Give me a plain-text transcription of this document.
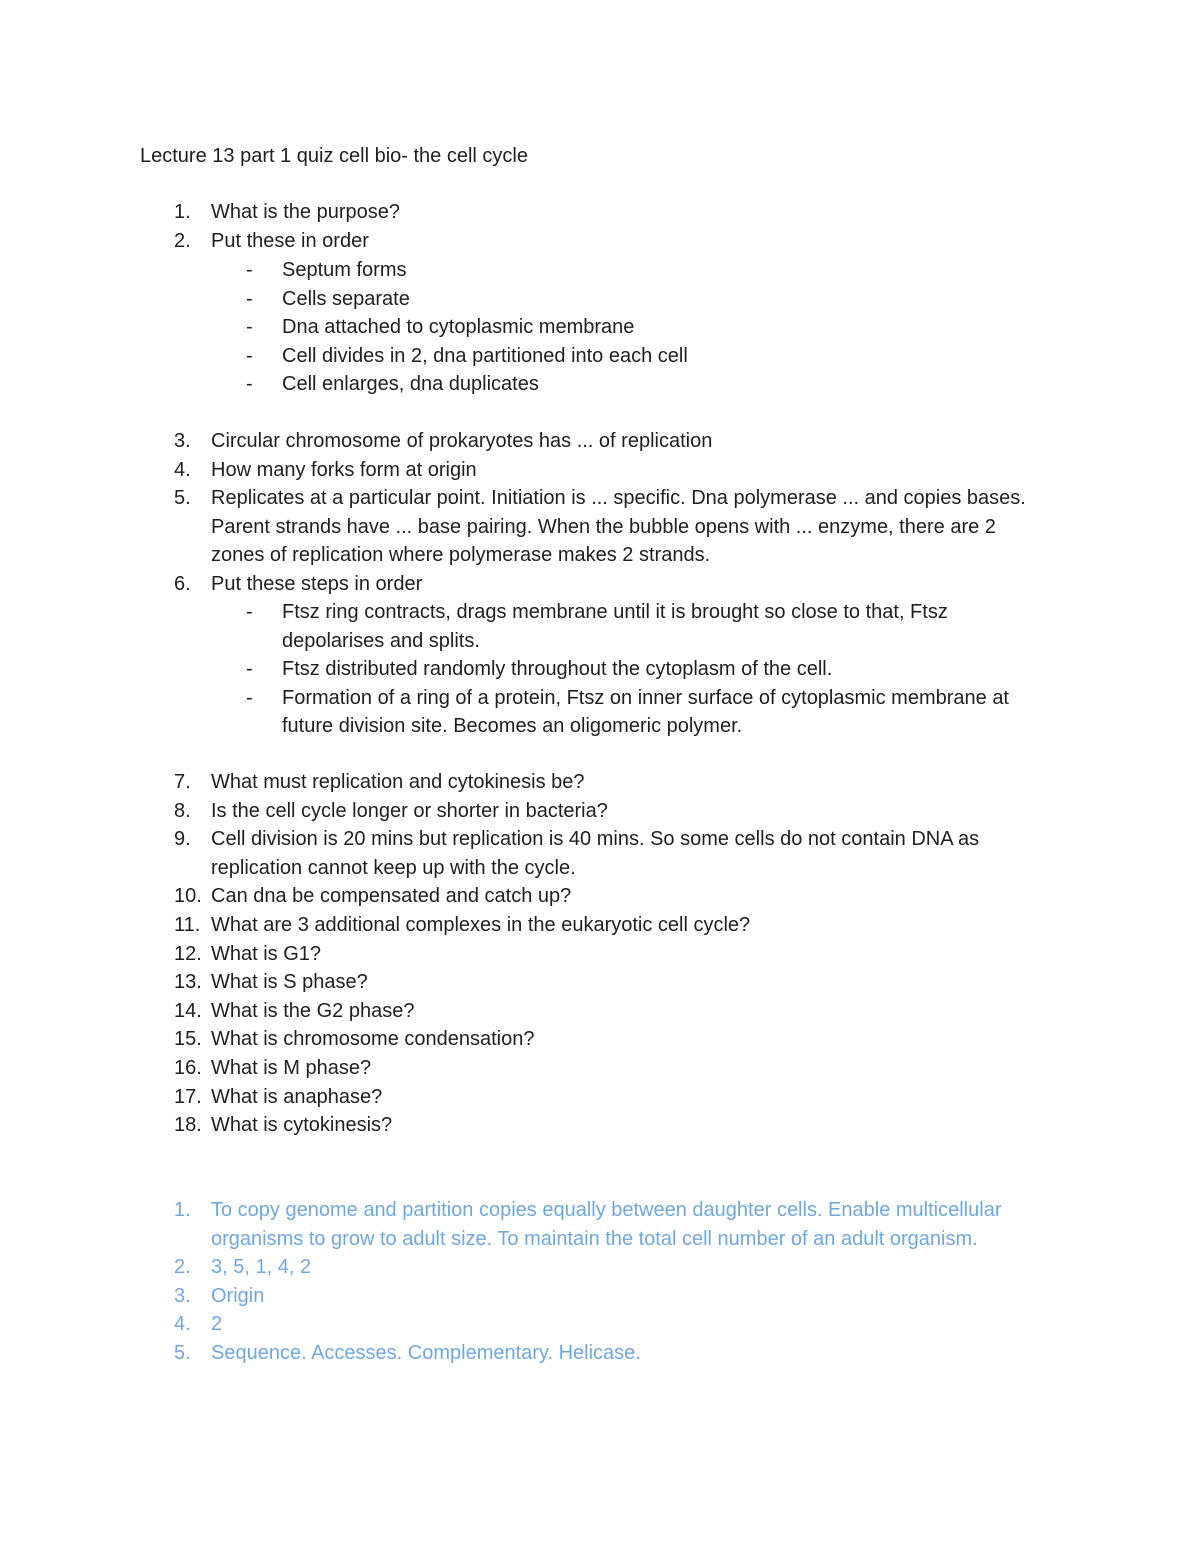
Lecture 13 part 1 quiz cell bio- the cell cycle
1.	What is the purpose?
2.	Put these in order
- Septum forms
- Cells separate
- Dna attached to cytoplasmic membrane
- Cell divides in 2, dna partitioned into each cell
- Cell enlarges, dna duplicates
3.	Circular chromosome of prokaryotes has ... of replication
4.	How many forks form at origin
5.	Replicates at a particular point. Initiation is ... specific. Dna polymerase ... and copies bases. Parent strands have ... base pairing. When the bubble opens with ... enzyme, there are 2 zones of replication where polymerase makes 2 strands.
6.	Put these steps in order
- Ftsz ring contracts, drags membrane until it is brought so close to that, Ftsz depolarises and splits.
- Ftsz distributed randomly throughout the cytoplasm of the cell.
- Formation of a ring of a protein, Ftsz on inner surface of cytoplasmic membrane at future division site. Becomes an oligomeric polymer.
7.	What must replication and cytokinesis be?
8.	Is the cell cycle longer or shorter in bacteria?
9.	Cell division is 20 mins but replication is 40 mins. So some cells do not contain DNA as replication cannot keep up with the cycle.
10. Can dna be compensated and catch up?
11. What are 3 additional complexes in the eukaryotic cell cycle?
12. What is G1?
13. What is S phase?
14. What is the G2 phase?
15. What is chromosome condensation?
16. What is M phase?
17. What is anaphase?
18. What is cytokinesis?
1.	To copy genome and partition copies equally between daughter cells. Enable multicellular organisms to grow to adult size. To maintain the total cell number of an adult organism.
2.	3, 5, 1, 4, 2
3.	Origin
4.	2
5.	Sequence. Accesses. Complementary. Helicase.
